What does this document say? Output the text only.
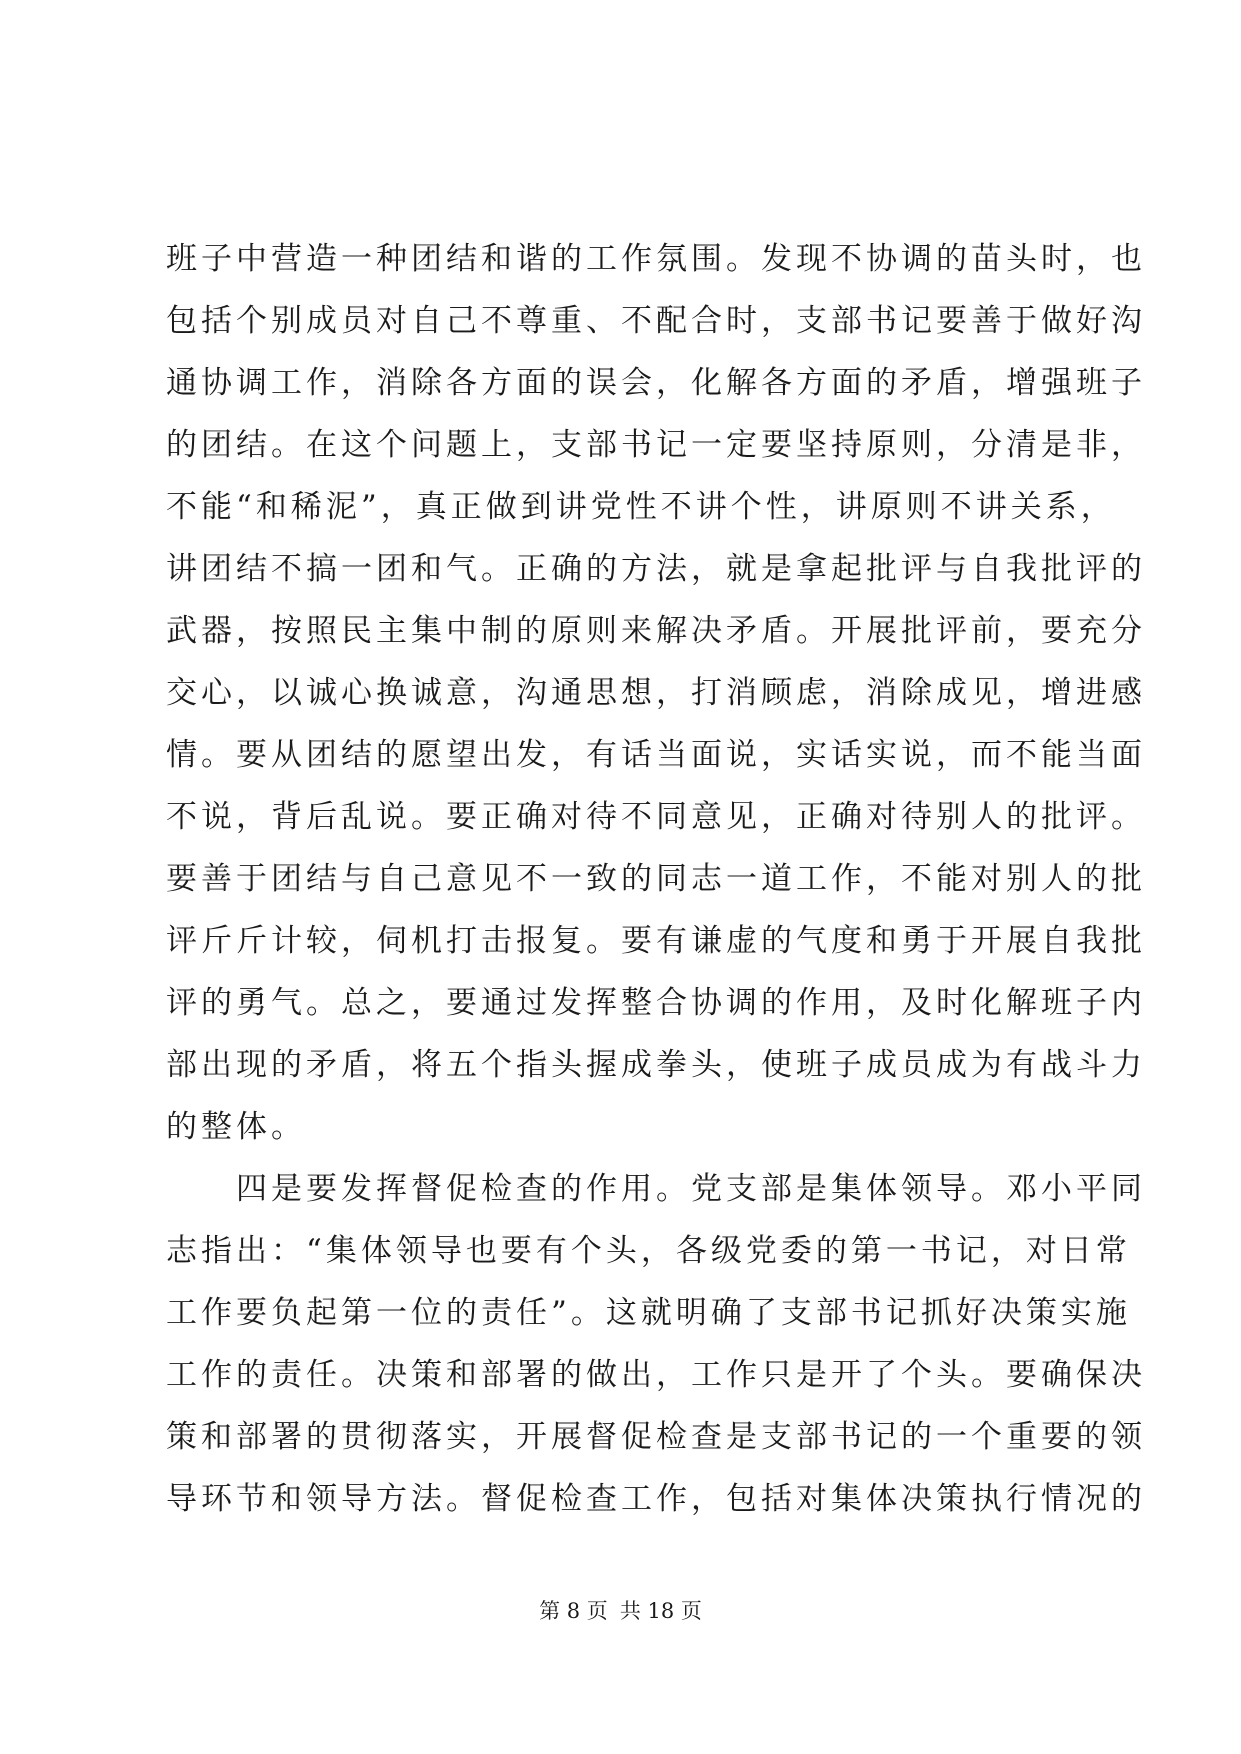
班子中营造一种团结和谐的工作氛围。发现不协调的苗头时，也
包括个别成员对自己不尊重、不配合时，支部书记要善于做好沟
通协调工作，消除各方面的误会，化解各方面的矛盾，增强班子
的团结。在这个问题上，支部书记一定要坚持原则，分清是非，
不能“和稀泥”，真正做到讲党性不讲个性，讲原则不讲关系，
讲团结不搞一团和气。正确的方法，就是拿起批评与自我批评的
武器，按照民主集中制的原则来解决矛盾。开展批评前，要充分
交心，以诚心换诚意，沟通思想，打消顾虑，消除成见，增进感
情。要从团结的愿望出发，有话当面说，实话实说，而不能当面
不说，背后乱说。要正确对待不同意见，正确对待别人的批评。
要善于团结与自己意见不一致的同志一道工作，不能对别人的批
评斤斤计较，伺机打击报复。要有谦虚的气度和勇于开展自我批
评的勇气。总之，要通过发挥整合协调的作用，及时化解班子内
部出现的矛盾，将五个指头握成拳头，使班子成员成为有战斗力
的整体。
　　四是要发挥督促检查的作用。党支部是集体领导。邓小平同
志指出：“集体领导也要有个头，各级党委的第一书记，对日常
工作要负起第一位的责任”。这就明确了支部书记抓好决策实施
工作的责任。决策和部署的做出，工作只是开了个头。要确保决
策和部署的贯彻落实，开展督促检查是支部书记的一个重要的领
导环节和领导方法。督促检查工作，包括对集体决策执行情况的
第 8 页 共 18 页
